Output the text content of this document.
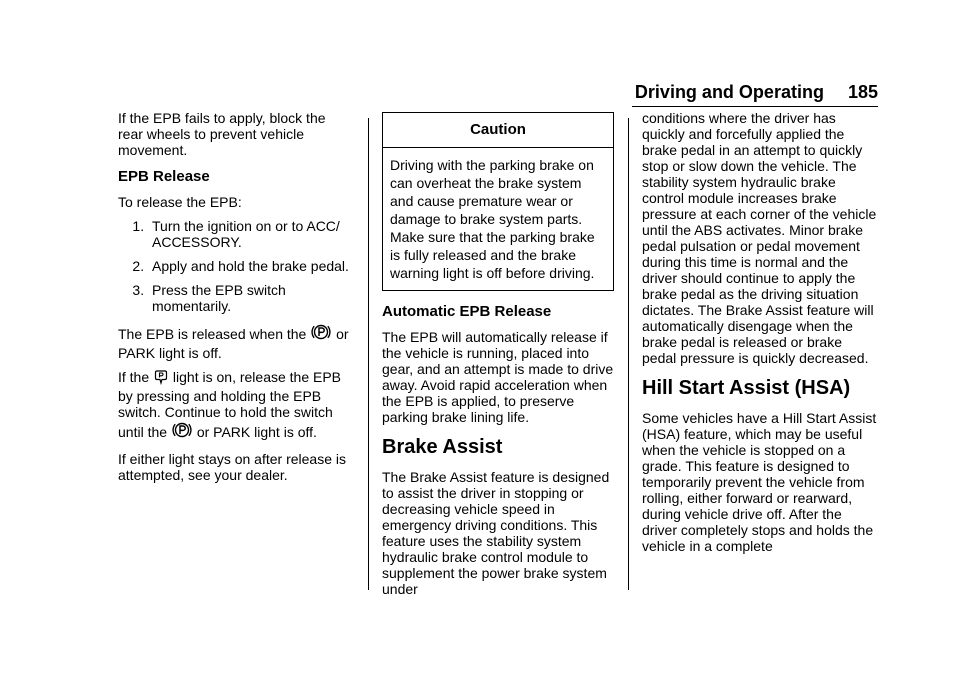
Driving and Operating 185

If the EPB fails to apply, block the rear wheels to prevent vehicle movement.

EPB Release

To release the EPB:

1. Turn the ignition on or to ACC/ ACCESSORY.
2. Apply and hold the brake pedal.
3. Press the EPB switch momentarily.

The EPB is released when the or PARK light is off.

If the light is on, release the EPB by pressing and holding the EPB switch. Continue to hold the switch until the or PARK light is off.

If either light stays on after release is attempted, see your dealer.

Caution
Driving with the parking brake on can overheat the brake system and cause premature wear or damage to brake system parts. Make sure that the parking brake is fully released and the brake warning light is off before driving.
Automatic EPB Release

The EPB will automatically release if the vehicle is running, placed into gear, and an attempt is made to drive away. Avoid rapid acceleration when the EPB is applied, to preserve parking brake lining life.

Brake Assist

The Brake Assist feature is designed to assist the driver in stopping or decreasing vehicle speed in emergency driving conditions. This feature uses the stability system hydraulic brake control module to supplement the power brake system under

conditions where the driver has quickly and forcefully applied the brake pedal in an attempt to quickly stop or slow down the vehicle. The stability system hydraulic brake control module increases brake pressure at each corner of the vehicle until the ABS activates. Minor brake pedal pulsation or pedal movement during this time is normal and the driver should continue to apply the brake pedal as the driving situation dictates. The Brake Assist feature will automatically disengage when the brake pedal is released or brake pedal pressure is quickly decreased.

Hill Start Assist (HSA)

Some vehicles have a Hill Start Assist (HSA) feature, which may be useful when the vehicle is stopped on a grade. This feature is designed to temporarily prevent the vehicle from rolling, either forward or rearward, during vehicle drive off. After the driver completely stops and holds the vehicle in a complete
